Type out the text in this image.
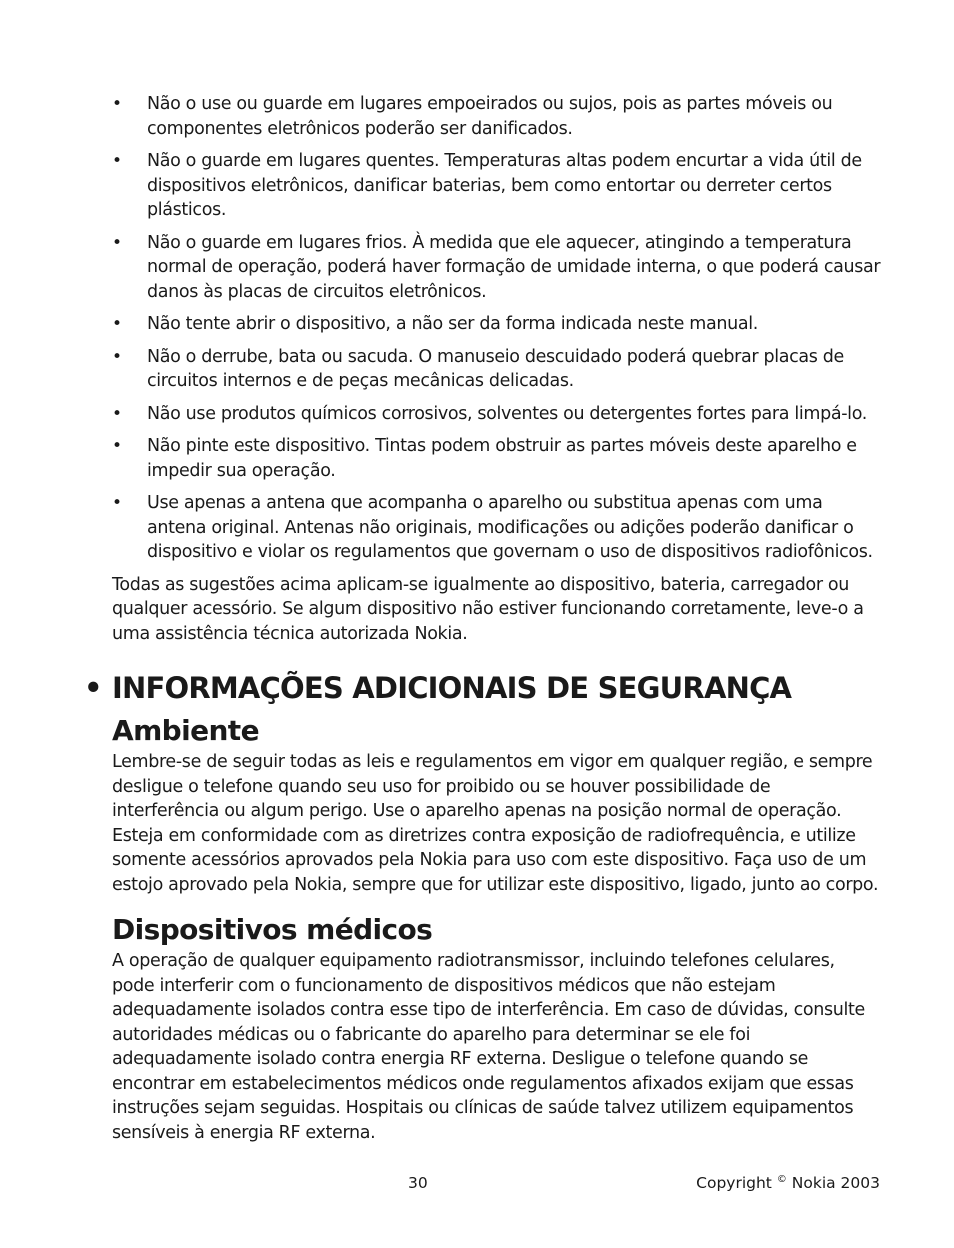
•	Não o use ou guarde em lugares empoeirados ou sujos, pois as partes móveis ou componentes eletrônicos poderão ser danificados.
•	Não o guarde em lugares quentes. Temperaturas altas podem encurtar a vida útil de dispositivos eletrônicos, danificar baterias, bem como entortar ou derreter certos plásticos.
•	Não o guarde em lugares frios. À medida que ele aquecer, atingindo a temperatura normal de operação, poderá haver formação de umidade interna, o que poderá causar danos às placas de circuitos eletrônicos.
•	Não tente abrir o dispositivo, a não ser da forma indicada neste manual.
•	Não o derrube, bata ou sacuda. O manuseio descuidado poderá quebrar placas de circuitos internos e de peças mecânicas delicadas.
•	Não use produtos químicos corrosivos, solventes ou detergentes fortes para limpá-lo.
•	Não pinte este dispositivo. Tintas podem obstruir as partes móveis deste aparelho e impedir sua operação.
•	Use apenas a antena que acompanha o aparelho ou substitua apenas com uma antena original. Antenas não originais, modificações ou adições poderão danificar o dispositivo e violar os regulamentos que governam o uso de dispositivos radiofônicos.

Todas as sugestões acima aplicam-se igualmente ao dispositivo, bateria, carregador ou qualquer acessório. Se algum dispositivo não estiver funcionando corretamente, leve-o a uma assistência técnica autorizada Nokia.

• INFORMAÇÕES ADICIONAIS DE SEGURANÇA
Ambiente

Lembre-se de seguir todas as leis e regulamentos em vigor em qualquer região, e sempre desligue o telefone quando seu uso for proibido ou se houver possibilidade de interferência ou algum perigo. Use o aparelho apenas na posição normal de operação. Esteja em conformidade com as diretrizes contra exposição de radiofrequência, e utilize somente acessórios aprovados pela Nokia para uso com este dispositivo. Faça uso de um estojo aprovado pela Nokia, sempre que for utilizar este dispositivo, ligado, junto ao corpo.

Dispositivos médicos

A operação de qualquer equipamento radiotransmissor, incluindo telefones celulares, pode interferir com o funcionamento de dispositivos médicos que não estejam adequadamente isolados contra esse tipo de interferência. Em caso de dúvidas, consulte autoridades médicas ou o fabricante do aparelho para determinar se ele foi adequadamente isolado contra energia RF externa. Desligue o telefone quando se encontrar em estabelecimentos médicos onde regulamentos afixados exijam que essas instruções sejam seguidas. Hospitais ou clínicas de saúde talvez utilizem equipamentos sensíveis à energia RF externa.

30	Copyright © Nokia 2003
